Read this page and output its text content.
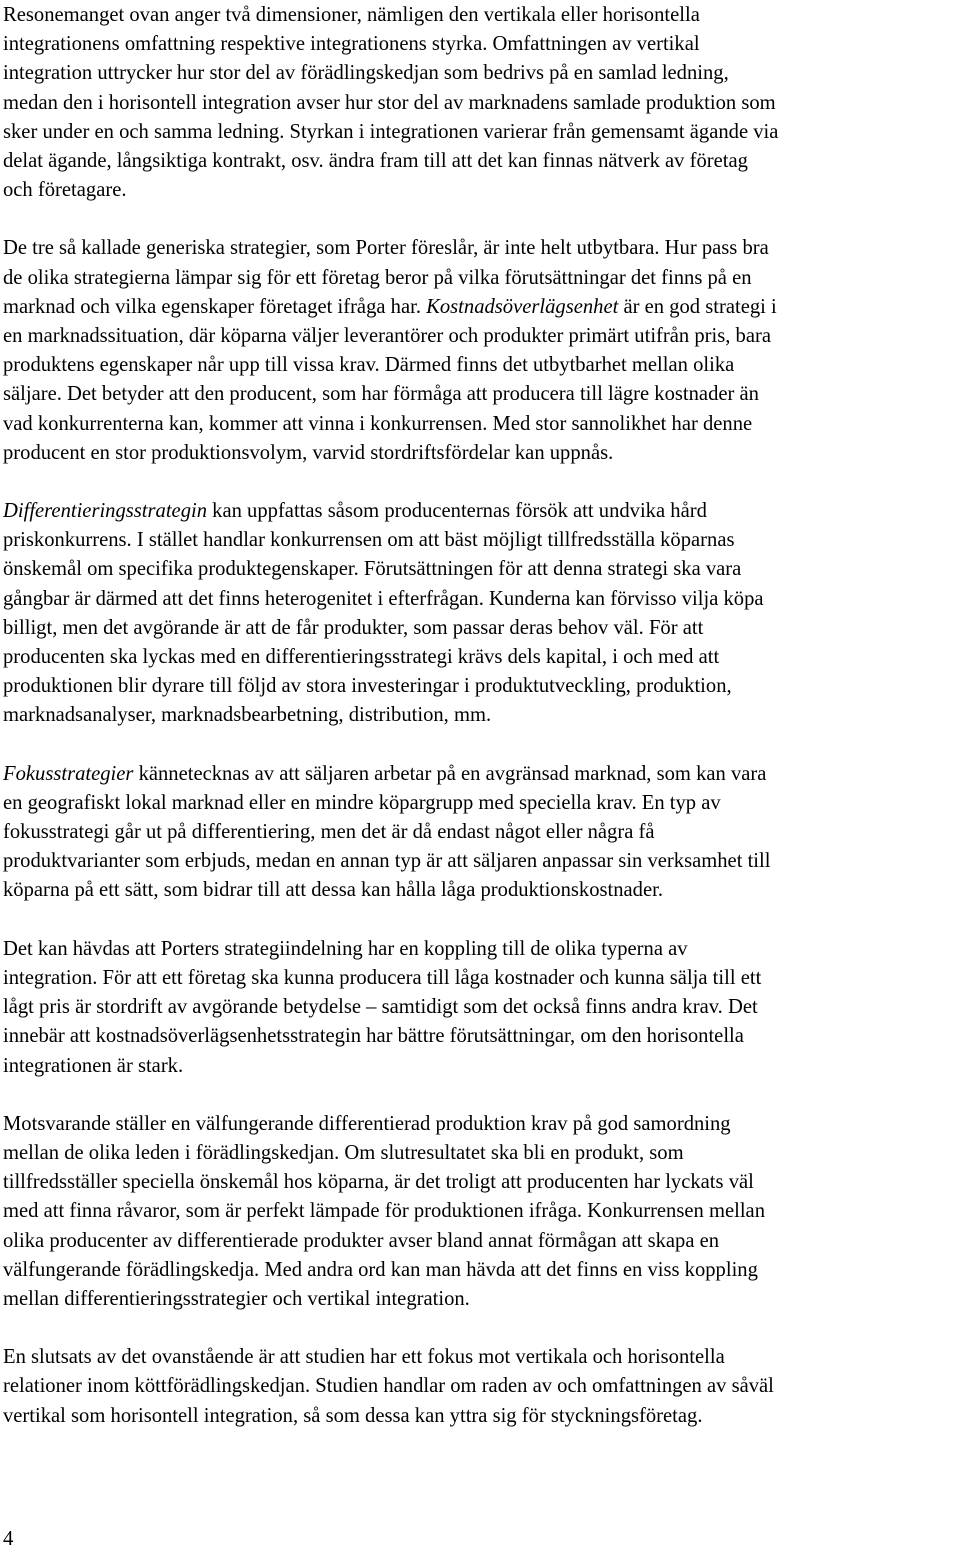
Resonemanget ovan anger två dimensioner, nämligen den vertikala eller horisontella
integrationens omfattning respektive integrationens styrka. Omfattningen av vertikal
integration uttrycker hur stor del av förädlingskedjan som bedrivs på en samlad ledning,
medan den i horisontell integration avser hur stor del av marknadens samlade produktion som
sker under en och samma ledning. Styrkan i integrationen varierar från gemensamt ägande via
delat ägande, långsiktiga kontrakt, osv. ändra fram till att det kan finnas nätverk av företag
och företagare.
De tre så kallade generiska strategier, som Porter föreslår, är inte helt utbytbara. Hur pass bra
de olika strategierna lämpar sig för ett företag beror på vilka förutsättningar det finns på en
marknad och vilka egenskaper företaget ifråga har. Kostnadsöverlägsenhet är en god strategi i
en marknadssituation, där köparna väljer leverantörer och produkter primärt utifrån pris, bara
produktens egenskaper når upp till vissa krav. Därmed finns det utbytbarhet mellan olika
säljare. Det betyder att den producent, som har förmåga att producera till lägre kostnader än
vad konkurrenterna kan, kommer att vinna i konkurrensen. Med stor sannolikhet har denne
producent en stor produktionsvolym, varvid stordriftsfördelar kan uppnås.
Differentieringsstrategin kan uppfattas såsom producenternas försök att undvika hård
priskonkurrens. I stället handlar konkurrensen om att bäst möjligt tillfredsställa köparnas
önskemål om specifika produktegenskaper. Förutsättningen för att denna strategi ska vara
gångbar är därmed att det finns heterogenitet i efterfrågan. Kunderna kan förvisso vilja köpa
billigt, men det avgörande är att de får produkter, som passar deras behov väl. För att
producenten ska lyckas med en differentieringsstrategi krävs dels kapital, i och med att
produktionen blir dyrare till följd av stora investeringar i produktutveckling, produktion,
marknadsanalyser, marknadsbearbetning, distribution, mm.
Fokusstrategier kännetecknas av att säljaren arbetar på en avgränsad marknad, som kan vara
en geografiskt lokal marknad eller en mindre köpargrupp med speciella krav. En typ av
fokusstrategi går ut på differentiering, men det är då endast något eller några få
produktvarianter som erbjuds, medan en annan typ är att säljaren anpassar sin verksamhet till
köparna på ett sätt, som bidrar till att dessa kan hålla låga produktionskostnader.
Det kan hävdas att Porters strategiindelning har en koppling till de olika typerna av
integration. För att ett företag ska kunna producera till låga kostnader och kunna sälja till ett
lågt pris är stordrift av avgörande betydelse – samtidigt som det också finns andra krav. Det
innebär att kostnadsöverlägsenhetsstrategin har bättre förutsättningar, om den horisontella
integrationen är stark.
Motsvarande ställer en välfungerande differentierad produktion krav på god samordning
mellan de olika leden i förädlingskedjan. Om slutresultatet ska bli en produkt, som
tillfredsställer speciella önskemål hos köparna, är det troligt att producenten har lyckats väl
med att finna råvaror, som är perfekt lämpade för produktionen ifråga. Konkurrensen mellan
olika producenter av differentierade produkter avser bland annat förmågan att skapa en
välfungerande förädlingskedja. Med andra ord kan man hävda att det finns en viss koppling
mellan differentieringsstrategier och vertikal integration.
En slutsats av det ovanstående är att studien har ett fokus mot vertikala och horisontella
relationer inom köttförädlingskedjan. Studien handlar om raden av och omfattningen av såväl
vertikal som horisontell integration, så som dessa kan yttra sig för styckningsföretag.
4
